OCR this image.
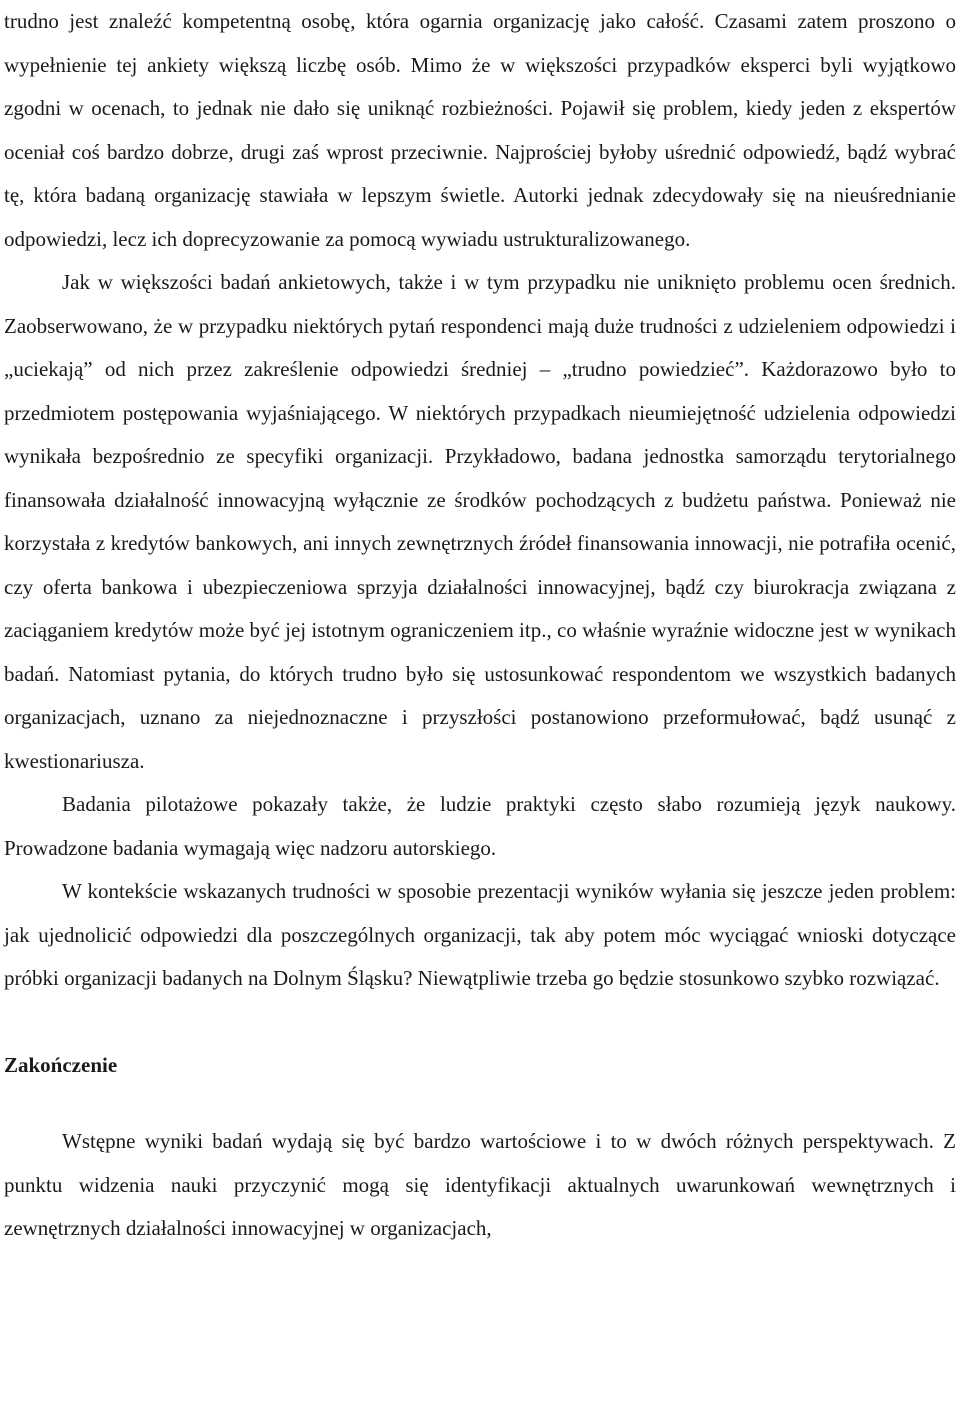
trudno jest znaleźć kompetentną osobę, która ogarnia organizację jako całość. Czasami zatem proszono o wypełnienie tej ankiety większą liczbę osób. Mimo że w większości przypadków eksperci byli wyjątkowo zgodni w ocenach, to jednak nie dało się uniknąć rozbieżności. Pojawił się problem, kiedy jeden z ekspertów oceniał coś bardzo dobrze, drugi zaś wprost przeciwnie. Najprościej byłoby uśrednić odpowiedź, bądź wybrać tę, która badaną organizację stawiała w lepszym świetle. Autorki jednak zdecydowały się na nieuśrednianie odpowiedzi, lecz ich doprecyzowanie za pomocą wywiadu ustrukturalizowanego.

Jak w większości badań ankietowych, także i w tym przypadku nie uniknięto problemu ocen średnich. Zaobserwowano, że w przypadku niektórych pytań respondenci mają duże trudności z udzieleniem odpowiedzi i „uciekają” od nich przez zakreślenie odpowiedzi średniej – „trudno powiedzieć”. Każdorazowo było to przedmiotem postępowania wyjaśniającego. W niektórych przypadkach nieumiejętność udzielenia odpowiedzi wynikała bezpośrednio ze specyfiki organizacji. Przykładowo, badana jednostka samorządu terytorialnego finansowała działalność innowacyjną wyłącznie ze środków pochodzących z budżetu państwa. Ponieważ nie korzystała z kredytów bankowych, ani innych zewnętrznych źródeł finansowania innowacji, nie potrafiła ocenić, czy oferta bankowa i ubezpieczeniowa sprzyja działalności innowacyjnej, bądź czy biurokracja związana z zaciąganiem kredytów może być jej istotnym ograniczeniem itp., co właśnie wyraźnie widoczne jest w wynikach badań. Natomiast pytania, do których trudno było się ustosunkować respondentom we wszystkich badanych organizacjach, uznano za niejednoznaczne i przyszłości postanowiono przeformułować, bądź usunąć z kwestionariusza.

Badania pilotażowe pokazały także, że ludzie praktyki często słabo rozumieją język naukowy. Prowadzone badania wymagają więc nadzoru autorskiego.

W kontekście wskazanych trudności w sposobie prezentacji wyników wyłania się jeszcze jeden problem: jak ujednolicić odpowiedzi dla poszczególnych organizacji, tak aby potem móc wyciągać wnioski dotyczące próbki organizacji badanych na Dolnym Śląsku? Niewątpliwie trzeba go będzie stosunkowo szybko rozwiązać.

Zakończenie

Wstępne wyniki badań wydają się być bardzo wartościowe i to w dwóch różnych perspektywach. Z punktu widzenia nauki przyczynić mogą się identyfikacji aktualnych uwarunkowań wewnętrznych i zewnętrznych działalności innowacyjnej w organizacjach,
